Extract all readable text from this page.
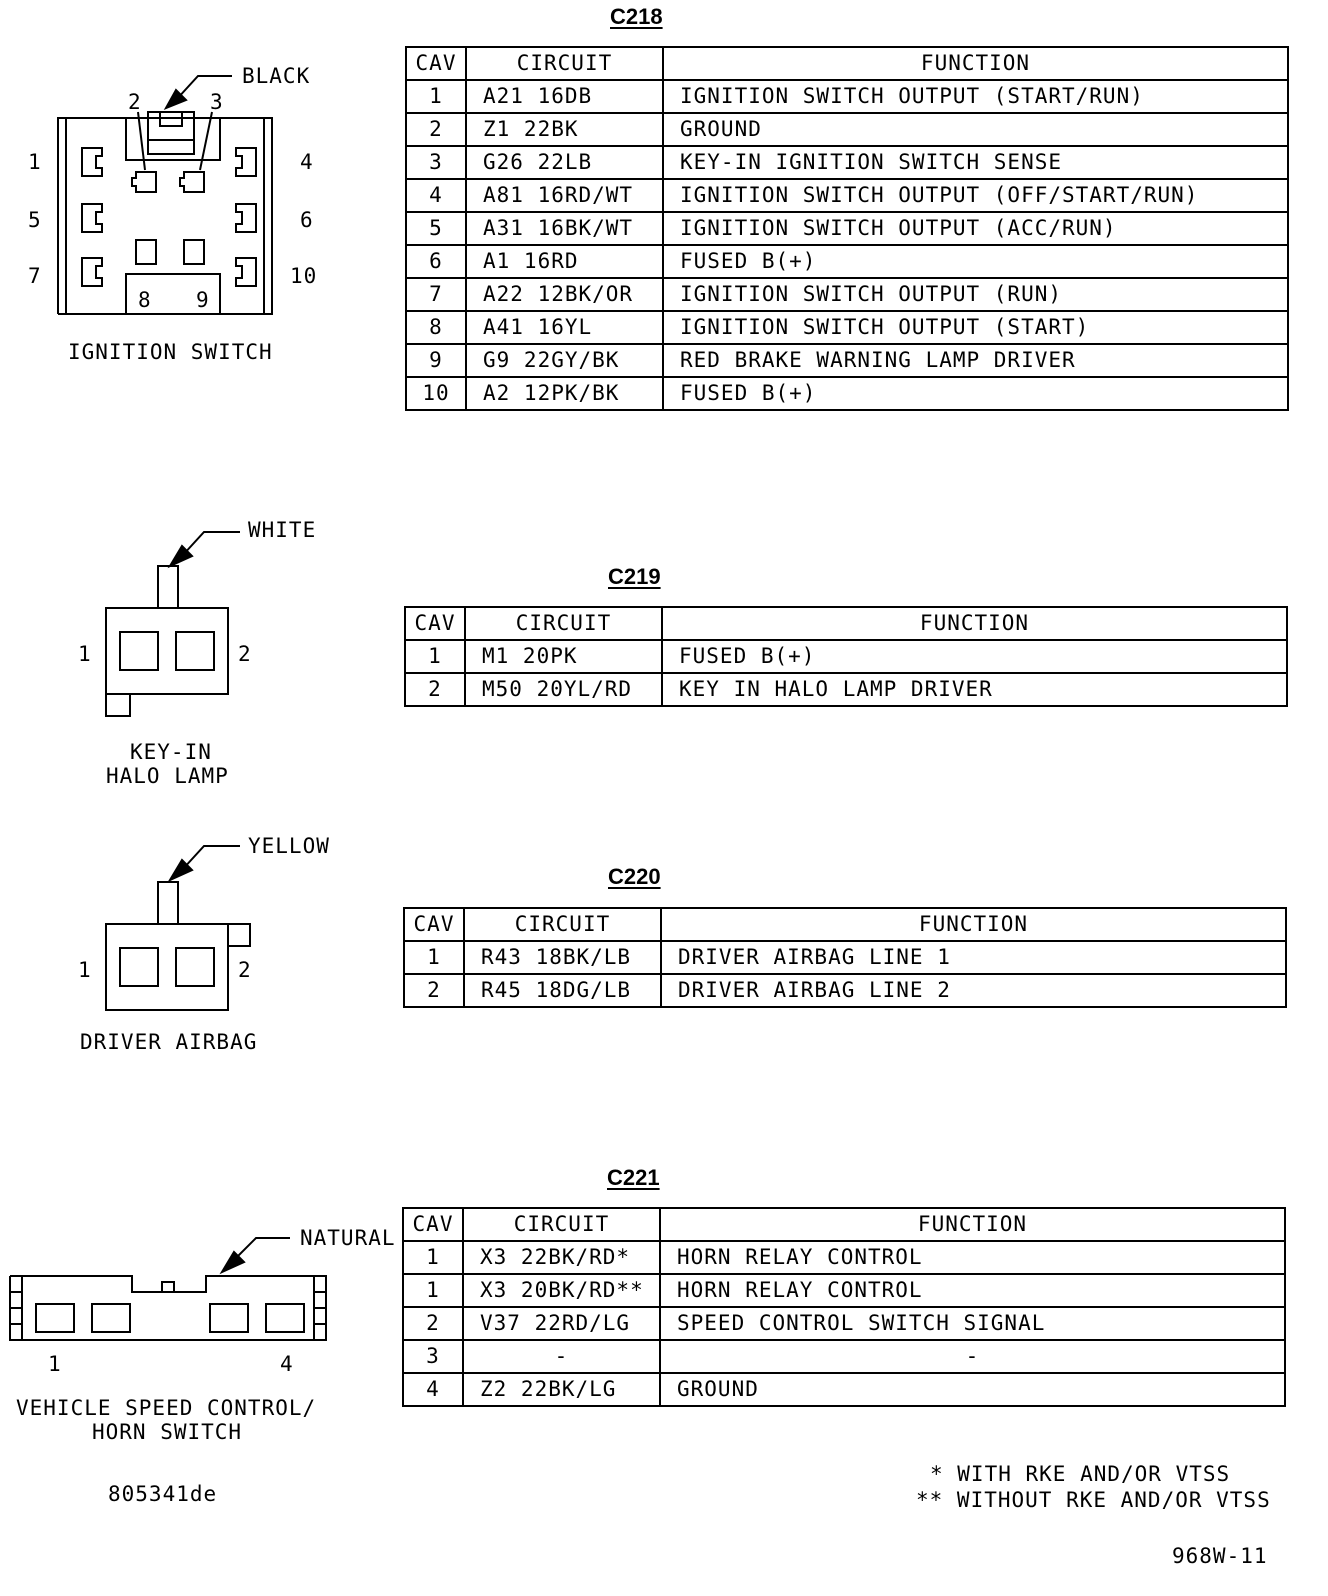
C218
CAV	CIRCUIT	FUNCTION
1	A21 16DB	IGNITION SWITCH OUTPUT (START/RUN)
2	Z1 22BK	GROUND
3	G26 22LB	KEY-IN IGNITION SWITCH SENSE
4	A81 16RD/WT	IGNITION SWITCH OUTPUT (OFF/START/RUN)
5	A31 16BK/WT	IGNITION SWITCH OUTPUT (ACC/RUN)
6	A1 16RD	FUSED B(+)
7	A22 12BK/OR	IGNITION SWITCH OUTPUT (RUN)
8	A41 16YL	IGNITION SWITCH OUTPUT (START)
9	G9 22GY/BK	RED BRAKE WARNING LAMP DRIVER
10	A2 12PK/BK	FUSED B(+)
BLACK
1
2	3
4
5	6
7
8 9
10
IGNITION SWITCH
C219
CAV	CIRCUIT	FUNCTION
1	M1 20PK	FUSED B(+)
2	M50 20YL/RD	KEY IN HALO LAMP DRIVER
WHITE
1	2
KEY-IN
HALO LAMP
C220
CAV	CIRCUIT	FUNCTION
1	R43 18BK/LB	DRIVER AIRBAG LINE 1
2	R45 18DG/LB	DRIVER AIRBAG LINE 2
YELLOW
1	2
DRIVER AIRBAG
C221
CAV	CIRCUIT	FUNCTION
1	X3 22BK/RD*	HORN RELAY CONTROL
1	X3 20BK/RD**	HORN RELAY CONTROL
2	V37 22RD/LG	SPEED CONTROL SWITCH SIGNAL
3	-	-
4	Z2 22BK/LG	GROUND
NATURAL
1	4
VEHICLE SPEED CONTROL/
HORN SWITCH
805341de
* WITH RKE AND/OR VTSS
** WITHOUT RKE AND/OR VTSS
968W-11
